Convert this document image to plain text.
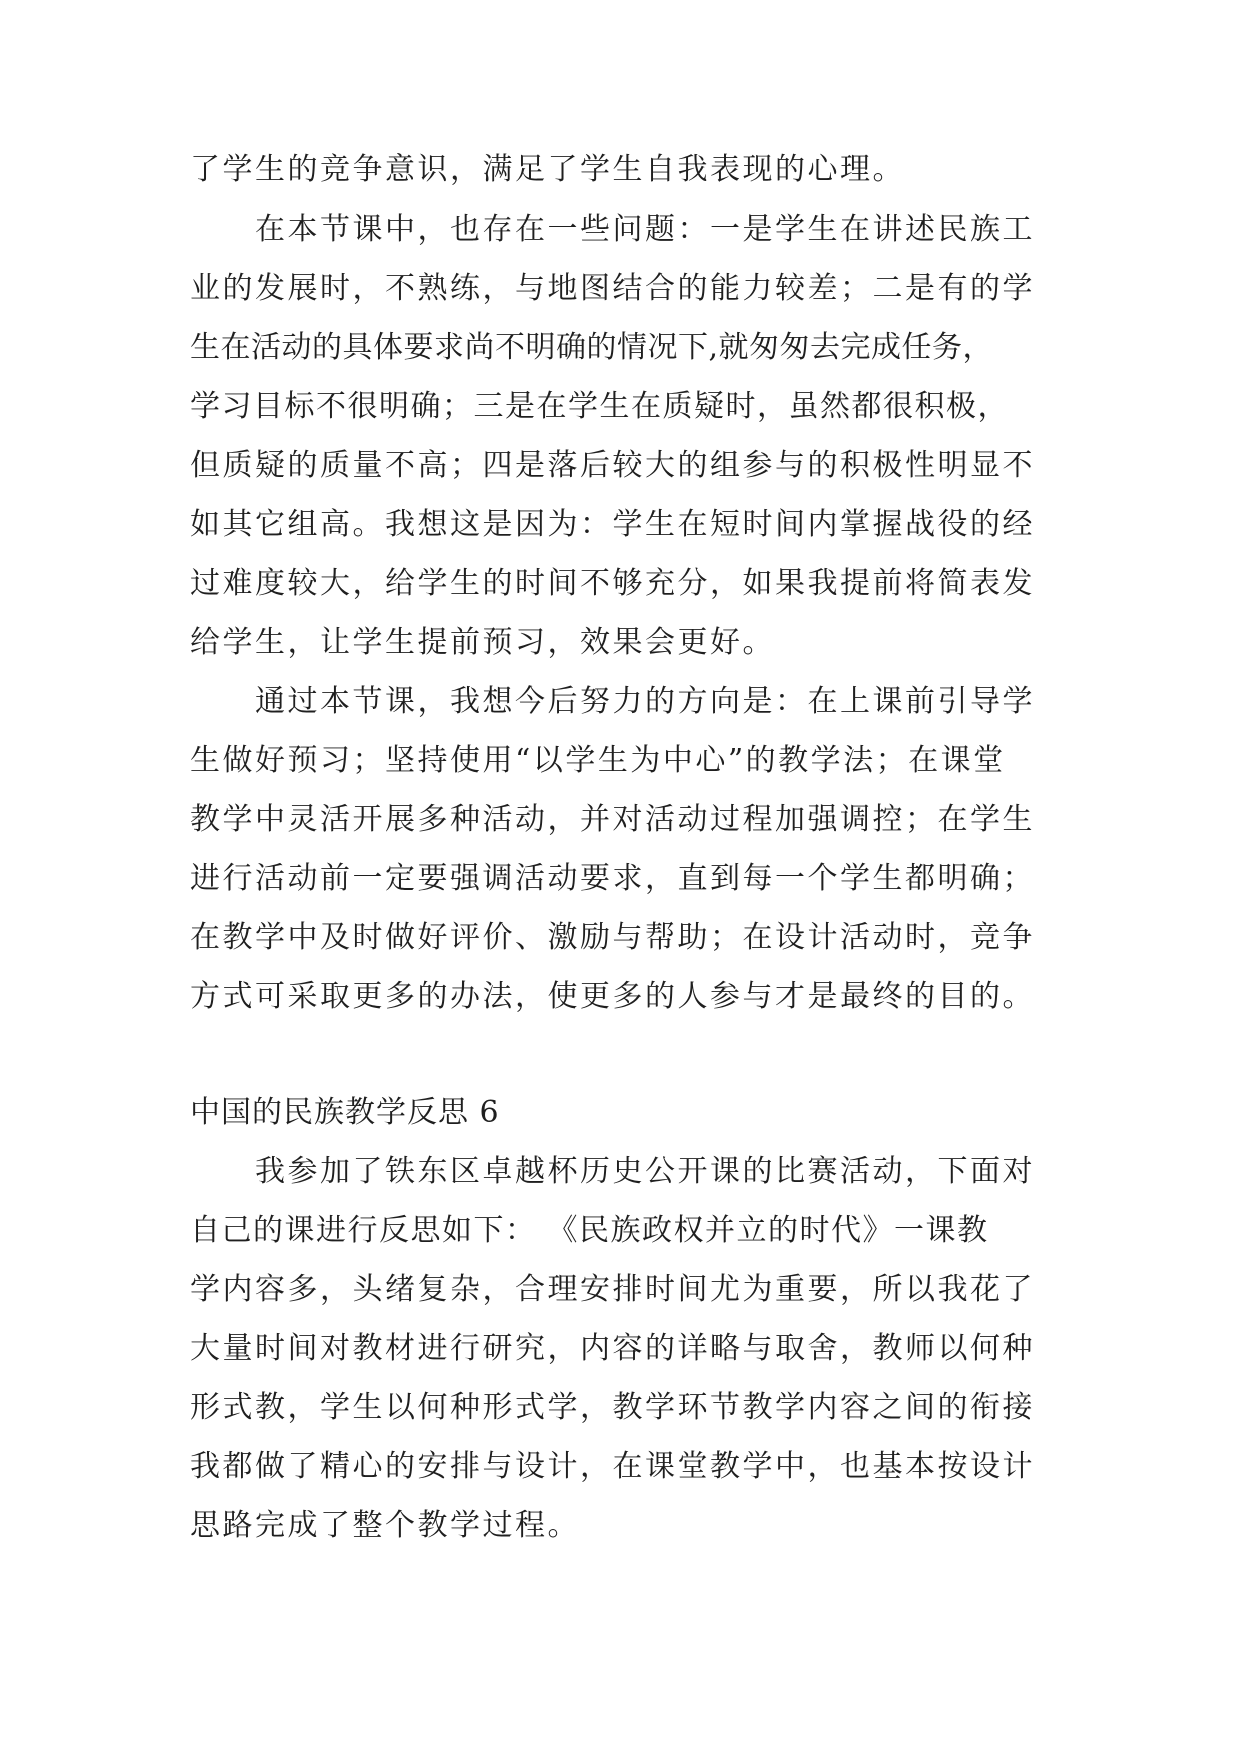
了学生的竞争意识，满足了学生自我表现的心理。
在本节课中，也存在一些问题：一是学生在讲述民族工
业的发展时，不熟练，与地图结合的能力较差；二是有的学
生在活动的具体要求尚不明确的情况下,就匆匆去完成任务，
学习目标不很明确；三是在学生在质疑时，虽然都很积极，
但质疑的质量不高；四是落后较大的组参与的积极性明显不
如其它组高。我想这是因为：学生在短时间内掌握战役的经
过难度较大，给学生的时间不够充分，如果我提前将简表发
给学生，让学生提前预习，效果会更好。
通过本节课，我想今后努力的方向是：在上课前引导学
生做好预习；坚持使用“以学生为中心”的教学法；在课堂
教学中灵活开展多种活动，并对活动过程加强调控；在学生
进行活动前一定要强调活动要求，直到每一个学生都明确；
在教学中及时做好评价、激励与帮助；在设计活动时，竞争
方式可采取更多的办法，使更多的人参与才是最终的目的。
中国的民族教学反思 6
我参加了铁东区卓越杯历史公开课的比赛活动，下面对
自己的课进行反思如下： 《民族政权并立的时代》一课教
学内容多，头绪复杂，合理安排时间尤为重要，所以我花了
大量时间对教材进行研究，内容的详略与取舍，教师以何种
形式教，学生以何种形式学，教学环节教学内容之间的衔接
我都做了精心的安排与设计，在课堂教学中，也基本按设计
思路完成了整个教学过程。
